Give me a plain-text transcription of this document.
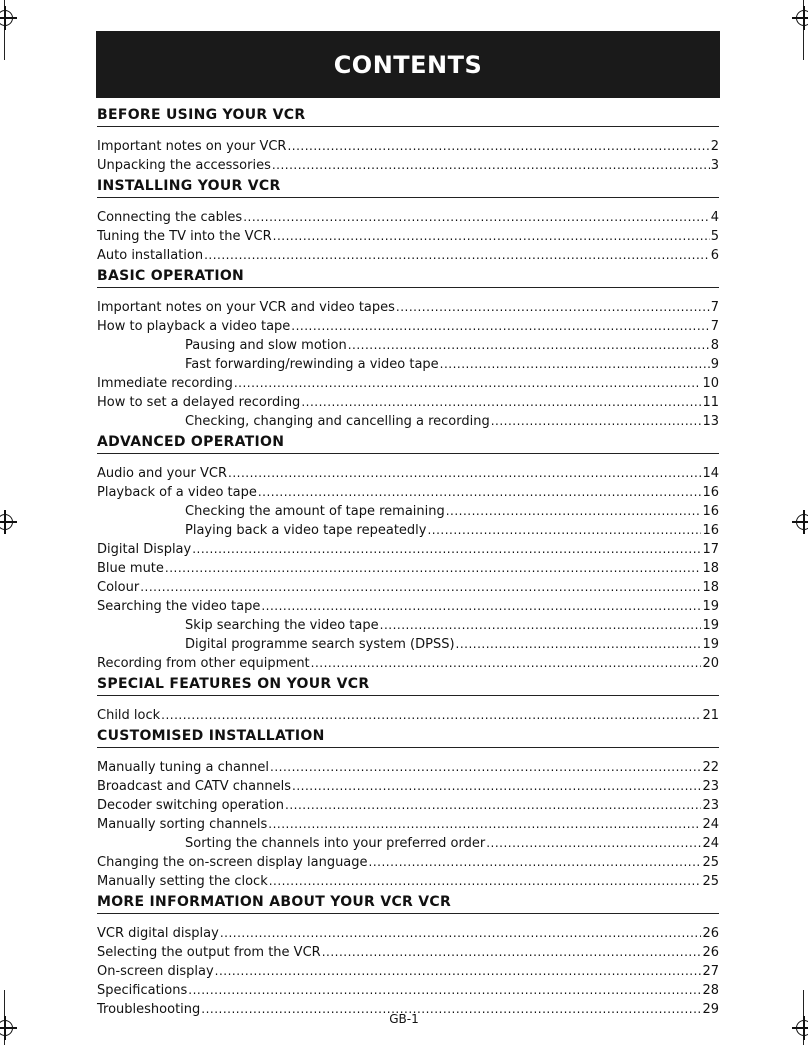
CONTENTS
BEFORE USING YOUR VCR
Important notes on your VCR .....	2
Unpacking the accessories .....	3
INSTALLING YOUR VCR
Connecting the cables .....	4
Tuning the TV into the VCR .....	5
Auto installation .....	6
BASIC OPERATION
Important notes on your VCR and video tapes .....	7
How to playback a video tape .....	7
Pausing and slow motion .....	8
Fast forwarding/rewinding a video tape .....	9
Immediate recording .....	10
How to set a delayed recording .....	11
Checking, changing and cancelling a recording .....	13
ADVANCED OPERATION
Audio and your VCR .....	14
Playback of a video tape .....	16
Checking the amount of tape remaining .....	16
Playing back a video tape repeatedly .....	16
Digital Display .....	17
Blue mute .....	18
Colour .....	18
Searching the video tape .....	19
Skip searching the video tape .....	19
Digital programme search system (DPSS) .....	19
Recording from other equipment .....	20
SPECIAL FEATURES ON YOUR VCR
Child lock .....	21
CUSTOMISED INSTALLATION
Manually tuning a channel .....	22
Broadcast and CATV channels .....	23
Decoder switching operation .....	23
Manually sorting channels .....	24
Sorting the channels into your preferred order .....	24
Changing the on-screen display language .....	25
Manually setting the clock .....	25
MORE INFORMATION ABOUT YOUR VCR VCR
VCR digital display .....	26
Selecting the output from the VCR .....	26
On-screen display .....	27
Specifications .....	28
Troubleshooting .....	29
GB-1
